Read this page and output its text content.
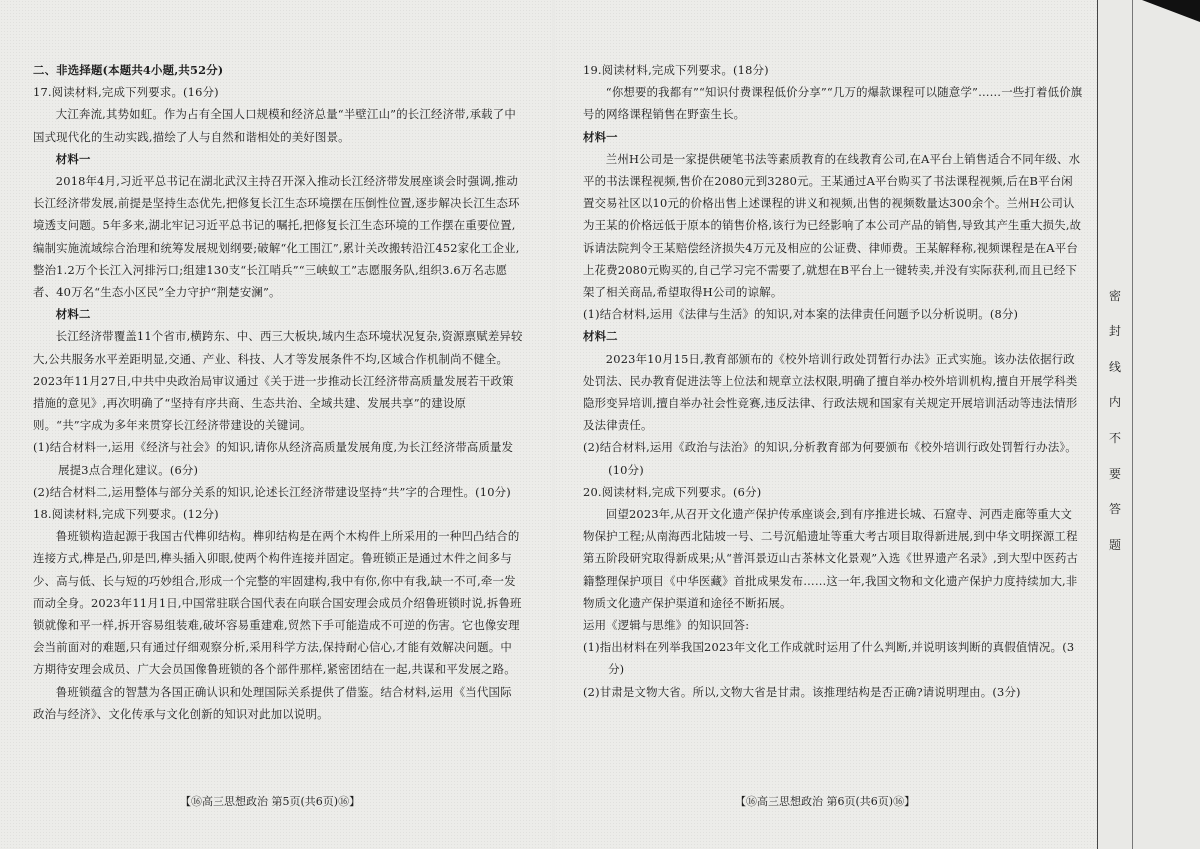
二、非选择题(本题共4小题,共52分)

17.阅读材料,完成下列要求。(16分)

大江奔流,其势如虹。作为占有全国人口规模和经济总量“半壁江山”的长江经济带,承载了中国式现代化的生动实践,描绘了人与自然和谐相处的美好图景。

材料一

2018年4月,习近平总书记在湖北武汉主持召开深入推动长江经济带发展座谈会时强调,推动长江经济带发展,前提是坚持生态优先,把修复长江生态环境摆在压倒性位置,逐步解决长江生态环境透支问题。5年多来,湖北牢记习近平总书记的嘱托,把修复长江生态环境的工作摆在重要位置,编制实施流域综合治理和统筹发展规划纲要;破解“化工围江”,累计关改搬转沿江452家化工企业,整治1.2万个长江入河排污口;组建130支“长江哨兵”“三峡蚁工”志愿服务队,组织3.6万名志愿者、40万名“生态小区民”全力守护“荆楚安澜”。

材料二

长江经济带覆盖11个省市,横跨东、中、西三大板块,域内生态环境状况复杂,资源禀赋差异较大,公共服务水平差距明显,交通、产业、科技、人才等发展条件不均,区域合作机制尚不健全。2023年11月27日,中共中央政治局审议通过《关于进一步推动长江经济带高质量发展若干政策措施的意见》,再次明确了“坚持有序共商、生态共治、全域共建、发展共享”的建设原则。“共”字成为多年来贯穿长江经济带建设的关键词。

(1)结合材料一,运用《经济与社会》的知识,请你从经济高质量发展角度,为长江经济带高质量发展提3点合理化建议。(6分)

(2)结合材料二,运用整体与部分关系的知识,论述长江经济带建设坚持“共”字的合理性。(10分)

18.阅读材料,完成下列要求。(12分)

鲁班锁构造起源于我国古代榫卯结构。榫卯结构是在两个木构件上所采用的一种凹凸结合的连接方式,榫是凸,卯是凹,榫头插入卯眼,使两个构件连接并固定。鲁班锁正是通过木件之间多与少、高与低、长与短的巧妙组合,形成一个完整的牢固建构,我中有你,你中有我,缺一不可,牵一发而动全身。2023年11月1日,中国常驻联合国代表在向联合国安理会成员介绍鲁班锁时说,拆鲁班锁就像和平一样,拆开容易组装难,破坏容易重建难,贸然下手可能造成不可逆的伤害。它也像安理会当前面对的难题,只有通过仔细观察分析,采用科学方法,保持耐心信心,才能有效解决问题。中方期待安理会成员、广大会员国像鲁班锁的各个部件那样,紧密团结在一起,共谋和平发展之路。

鲁班锁蕴含的智慧为各国正确认识和处理国际关系提供了借鉴。结合材料,运用《当代国际政治与经济》、文化传承与文化创新的知识对此加以说明。

【⑯高三思想政治 第5页(共6页)⑯】

19.阅读材料,完成下列要求。(18分)

“你想要的我都有”“知识付费课程低价分享”“几万的爆款课程可以随意学”……一些打着低价旗号的网络课程销售在野蛮生长。

材料一

兰州H公司是一家提供硬笔书法等素质教育的在线教育公司,在A平台上销售适合不同年级、水平的书法课程视频,售价在2080元到3280元。王某通过A平台购买了书法课程视频,后在B平台闲置交易社区以10元的价格出售上述课程的讲义和视频,出售的视频数量达300余个。兰州H公司认为王某的价格远低于原本的销售价格,该行为已经影响了本公司产品的销售,导致其产生重大损失,故诉请法院判令王某赔偿经济损失4万元及相应的公证费、律师费。王某解释称,视频课程是在A平台上花费2080元购买的,自己学习完不需要了,就想在B平台上一键转卖,并没有实际获利,而且已经下架了相关商品,希望取得H公司的谅解。

(1)结合材料,运用《法律与生活》的知识,对本案的法律责任问题予以分析说明。(8分)

材料二

2023年10月15日,教育部颁布的《校外培训行政处罚暂行办法》正式实施。该办法依据行政处罚法、民办教育促进法等上位法和规章立法权限,明确了擅自举办校外培训机构,擅自开展学科类隐形变异培训,擅自举办社会性竞赛,违反法律、行政法规和国家有关规定开展培训活动等违法情形及法律责任。

(2)结合材料,运用《政治与法治》的知识,分析教育部为何要颁布《校外培训行政处罚暂行办法》。(10分)

20.阅读材料,完成下列要求。(6分)

回望2023年,从召开文化遗产保护传承座谈会,到有序推进长城、石窟寺、河西走廊等重大文物保护工程;从南海西北陆坡一号、二号沉船遗址等重大考古项目取得新进展,到中华文明探源工程第五阶段研究取得新成果;从“普洱景迈山古茶林文化景观”入选《世界遗产名录》,到大型中医药古籍整理保护项目《中华医藏》首批成果发布……这一年,我国文物和文化遗产保护力度持续加大,非物质文化遗产保护渠道和途径不断拓展。

运用《逻辑与思维》的知识回答:

(1)指出材料在列举我国2023年文化工作成就时运用了什么判断,并说明该判断的真假值情况。(3分)

(2)甘肃是文物大省。所以,文物大省是甘肃。该推理结构是否正确?请说明理由。(3分)

【⑯高三思想政治 第6页(共6页)⑯】
密
封
线
内
不
要
答
题
